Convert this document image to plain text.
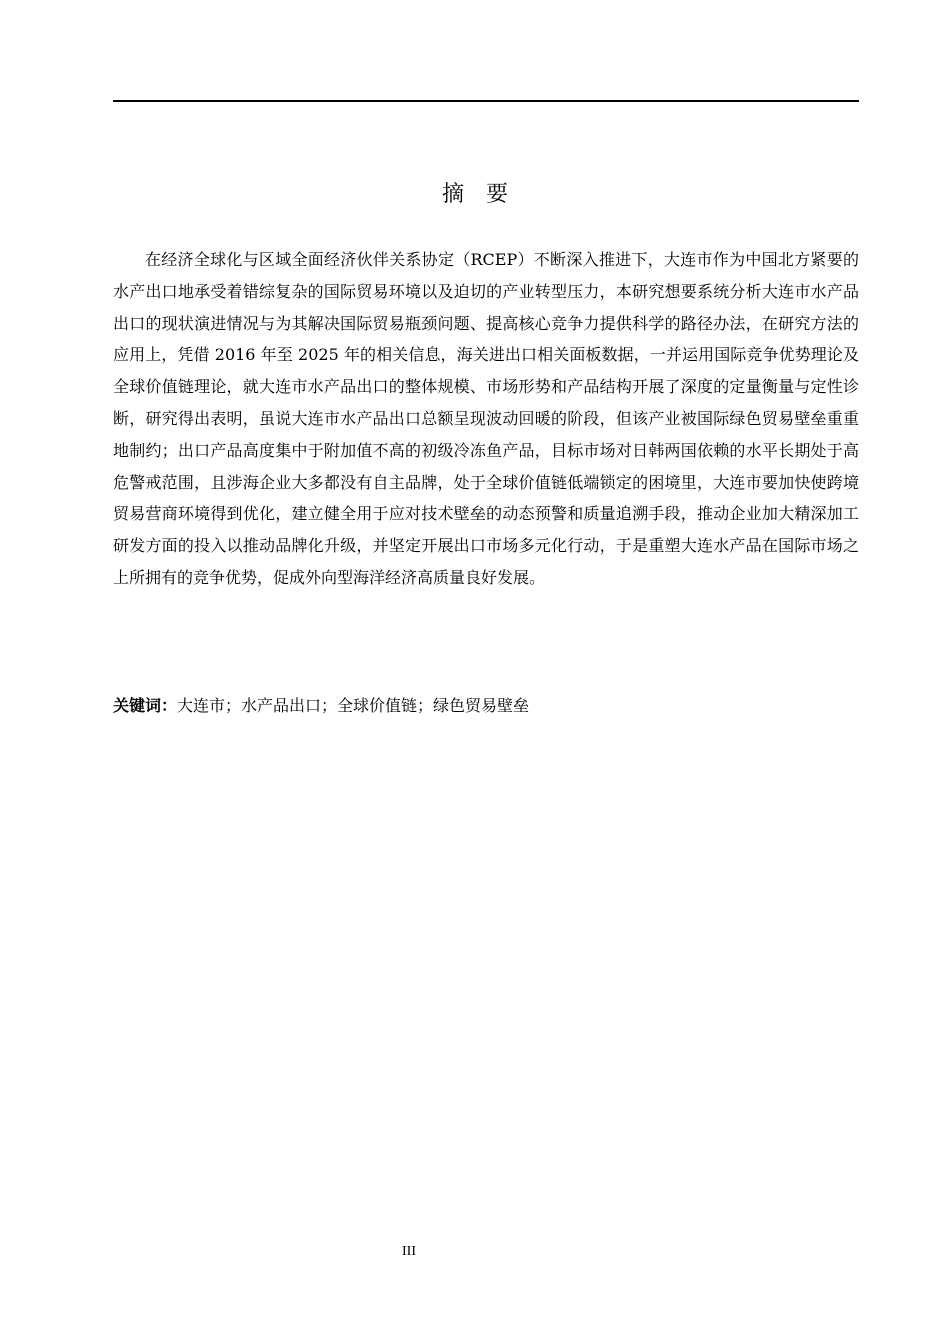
摘　要

在经济全球化与区域全面经济伙伴关系协定（RCEP）不断深入推进下，大连市作为中国北方紧要的水产出口地承受着错综复杂的国际贸易环境以及迫切的产业转型压力，本研究想要系统分析大连市水产品出口的现状演进情况与为其解决国际贸易瓶颈问题、提高核心竞争力提供科学的路径办法，在研究方法的应用上，凭借 2016 年至 2025 年的相关信息，海关进出口相关面板数据，一并运用国际竞争优势理论及全球价值链理论，就大连市水产品出口的整体规模、市场形势和产品结构开展了深度的定量衡量与定性诊断，研究得出表明，虽说大连市水产品出口总额呈现波动回暖的阶段，但该产业被国际绿色贸易壁垒重重地制约；出口产品高度集中于附加值不高的初级冷冻鱼产品，目标市场对日韩两国依赖的水平长期处于高危警戒范围，且涉海企业大多都没有自主品牌，处于全球价值链低端锁定的困境里，大连市要加快使跨境贸易营商环境得到优化，建立健全用于应对技术壁垒的动态预警和质量追溯手段，推动企业加大精深加工研发方面的投入以推动品牌化升级，并坚定开展出口市场多元化行动，于是重塑大连水产品在国际市场之上所拥有的竞争优势，促成外向型海洋经济高质量良好发展。

关键词：大连市；水产品出口；全球价值链；绿色贸易壁垒

III
